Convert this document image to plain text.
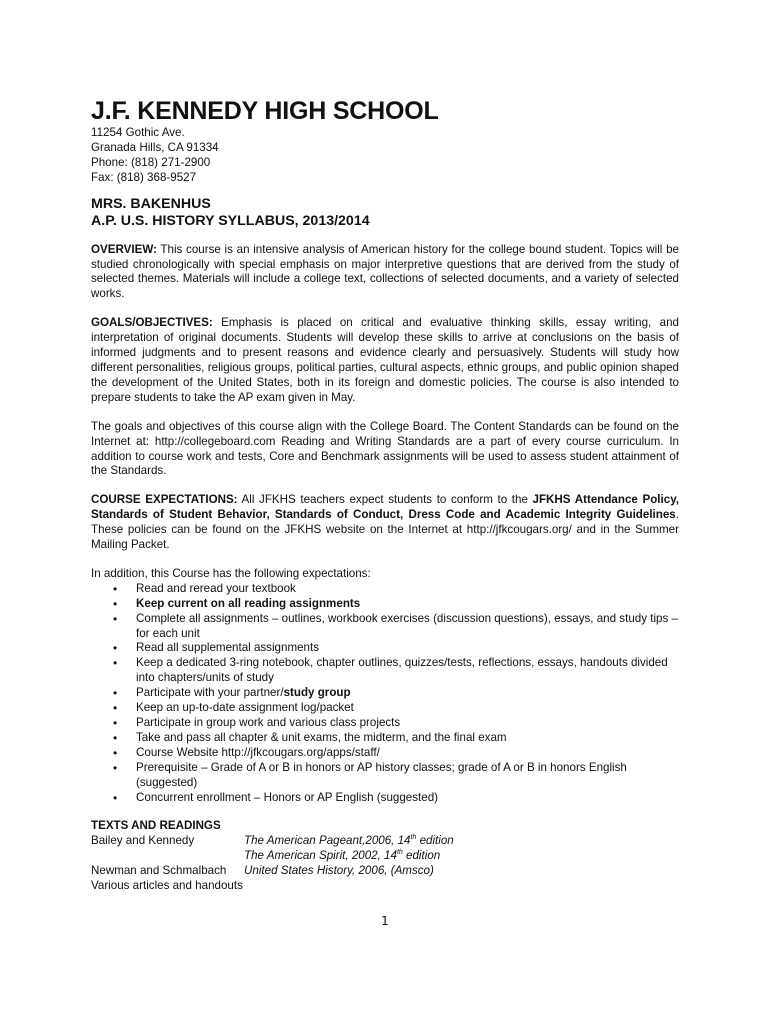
J.F. KENNEDY HIGH SCHOOL
11254 Gothic Ave.
Granada Hills, CA 91334
Phone: (818) 271-2900
Fax: (818) 368-9527
MRS. BAKENHUS
A.P. U.S. HISTORY SYLLABUS, 2013/2014

OVERVIEW: This course is an intensive analysis of American history for the college bound student. Topics will be studied chronologically with special emphasis on major interpretive questions that are derived from the study of selected themes. Materials will include a college text, collections of selected documents, and a variety of selected works.

GOALS/OBJECTIVES: Emphasis is placed on critical and evaluative thinking skills, essay writing, and interpretation of original documents. Students will develop these skills to arrive at conclusions on the basis of informed judgments and to present reasons and evidence clearly and persuasively. Students will study how different personalities, religious groups, political parties, cultural aspects, ethnic groups, and public opinion shaped the development of the United States, both in its foreign and domestic policies. The course is also intended to prepare students to take the AP exam given in May.

The goals and objectives of this course align with the College Board. The Content Standards can be found on the Internet at: http://collegeboard.com Reading and Writing Standards are a part of every course curriculum. In addition to course work and tests, Core and Benchmark assignments will be used to assess student attainment of the Standards.

COURSE EXPECTATIONS: All JFKHS teachers expect students to conform to the JFKHS Attendance Policy, Standards of Student Behavior, Standards of Conduct, Dress Code and Academic Integrity Guidelines. These policies can be found on the JFKHS website on the Internet at http://jfkcougars.org/ and in the Summer Mailing Packet.

In addition, this Course has the following expectations:
• Read and reread your textbook
• Keep current on all reading assignments
• Complete all assignments – outlines, workbook exercises (discussion questions), essays, and study tips – for each unit
• Read all supplemental assignments
• Keep a dedicated 3-ring notebook, chapter outlines, quizzes/tests, reflections, essays, handouts divided into chapters/units of study
• Participate with your partner/study group
• Keep an up-to-date assignment log/packet
• Participate in group work and various class projects
• Take and pass all chapter & unit exams, the midterm, and the final exam
• Course Website http://jfkcougars.org/apps/staff/
• Prerequisite – Grade of A or B in honors or AP history classes; grade of A or B in honors English (suggested)
• Concurrent enrollment – Honors or AP English (suggested)
TEXTS AND READINGS
Bailey and Kennedy	The American Pageant,2006, 14th edition
The American Spirit, 2002, 14th edition
Newman and Schmalbach	United States History, 2006, (Amsco)
Various articles and handouts
1
